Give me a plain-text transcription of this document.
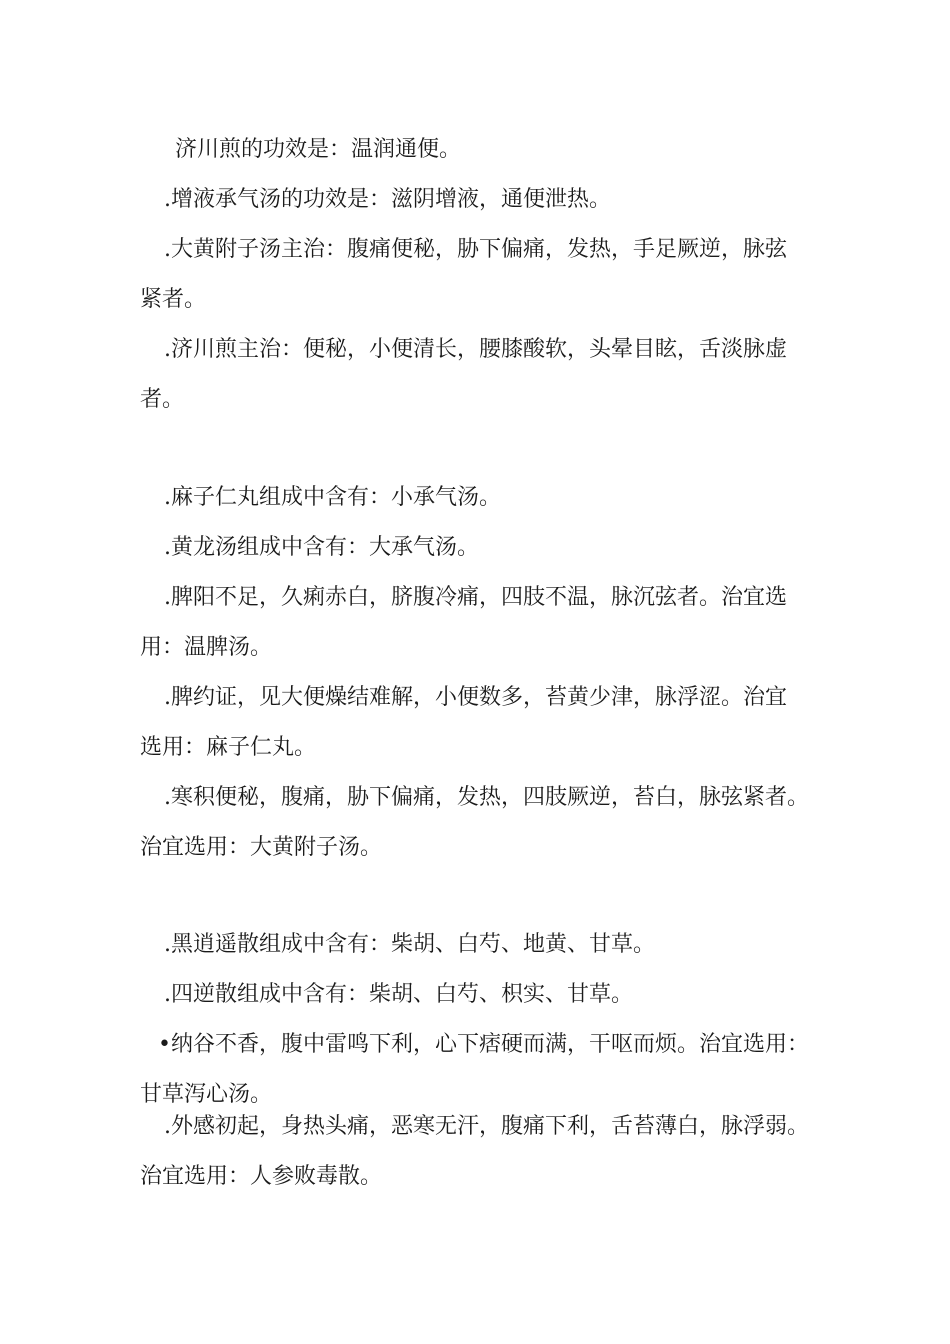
济川煎的功效是：温润通便。

.增液承气汤的功效是：滋阴增液，通便泄热。

.大黄附子汤主治：腹痛便秘，胁下偏痛，发热，手足厥逆，脉弦

紧者。

.济川煎主治：便秘，小便清长，腰膝酸软，头晕目眩，舌淡脉虚

者。

.麻子仁丸组成中含有：小承气汤。

.黄龙汤组成中含有：大承气汤。

.脾阳不足，久痢赤白，脐腹冷痛，四肢不温，脉沉弦者。治宜选

用：温脾汤。

.脾约证，见大便燥结难解，小便数多，苔黄少津，脉浮涩。治宜

选用：麻子仁丸。

.寒积便秘，腹痛，胁下偏痛，发热，四肢厥逆，苔白，脉弦紧者。

治宜选用：大黄附子汤。

.黑逍遥散组成中含有：柴胡、白芍、地黄、甘草。

.四逆散组成中含有：柴胡、白芍、枳实、甘草。

•纳谷不香，腹中雷鸣下利，心下痞硬而满，干呕而烦。治宜选用：

甘草泻心汤。

.外感初起，身热头痛，恶寒无汗，腹痛下利，舌苔薄白，脉浮弱。

治宜选用：人参败毒散。
